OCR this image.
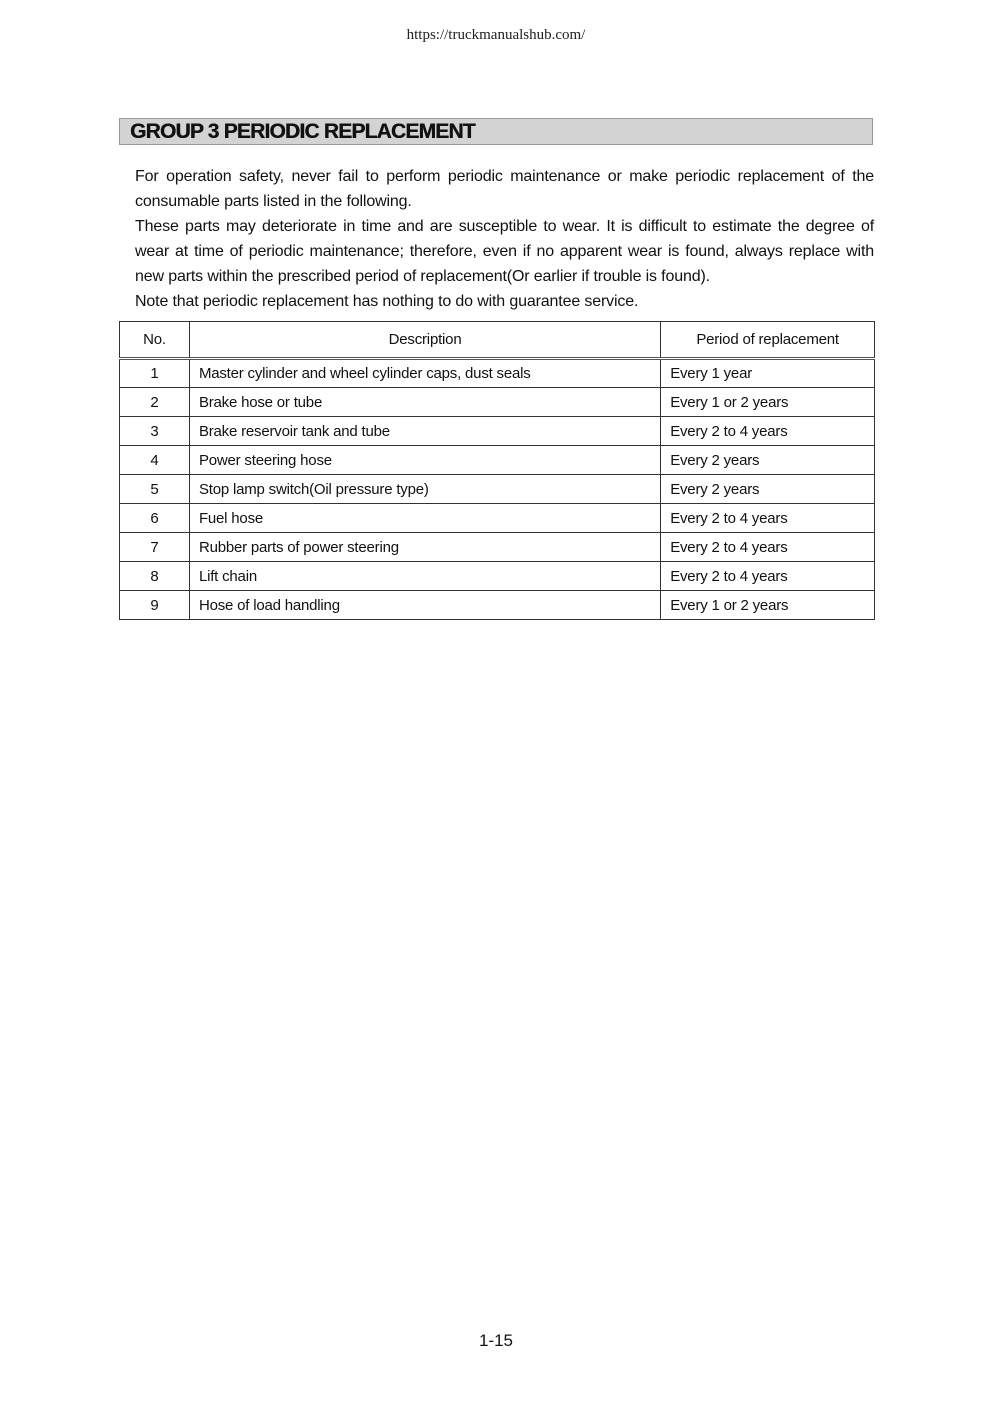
https://truckmanualshub.com/
GROUP 3 PERIODIC REPLACEMENT

For operation safety, never fail to perform periodic maintenance or make periodic replacement of the consumable parts listed in the following.

These parts may deteriorate in time and are susceptible to wear. It is difficult to estimate the degree of wear at time of periodic maintenance; therefore, even if no apparent wear is found, always replace with new parts within the prescribed period of replacement(Or earlier if trouble is found).

Note that periodic replacement has nothing to do with guarantee service.

No.	Description	Period of replacement
1	Master cylinder and wheel cylinder caps, dust seals	Every 1 year
2	Brake hose or tube	Every 1 or 2 years
3	Brake reservoir tank and tube	Every 2 to 4 years
4	Power steering hose	Every 2 years
5	Stop lamp switch(Oil pressure type)	Every 2 years
6	Fuel hose	Every 2 to 4 years
7	Rubber parts of power steering	Every 2 to 4 years
8	Lift chain	Every 2 to 4 years
9	Hose of load handling	Every 1 or 2 years
1-15
